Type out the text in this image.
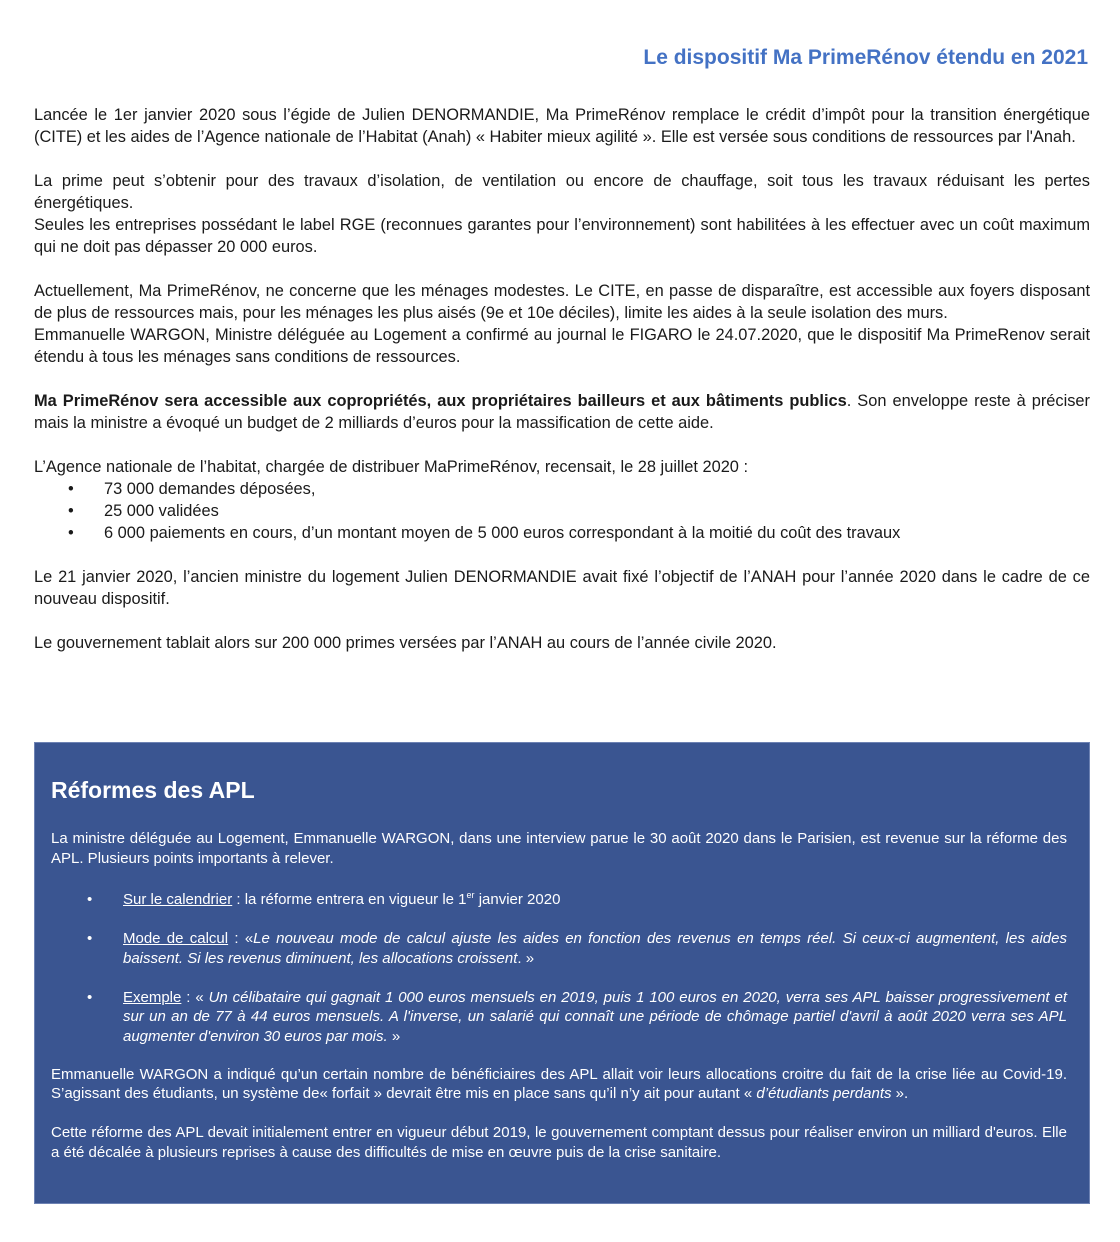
Le dispositif Ma PrimeRénov étendu en 2021

Lancée le 1er janvier 2020 sous l’égide de Julien DENORMANDIE, Ma PrimeRénov remplace le crédit d’impôt pour la transition énergétique (CITE) et les aides de l’Agence nationale de l’Habitat (Anah) « Habiter mieux agilité ». Elle est versée sous conditions de ressources par l'Anah.

La prime peut s’obtenir pour des travaux d’isolation, de ventilation ou encore de chauffage, soit tous les travaux réduisant les pertes énergétiques.

Seules les entreprises possédant le label RGE (reconnues garantes pour l’environnement) sont habilitées à les effectuer avec un coût maximum qui ne doit pas dépasser 20 000 euros.

Actuellement, Ma PrimeRénov, ne concerne que les ménages modestes. Le CITE, en passe de disparaître, est accessible aux foyers disposant de plus de ressources mais, pour les ménages les plus aisés (9e et 10e déciles), limite les aides à la seule isolation des murs.

Emmanuelle WARGON, Ministre déléguée au Logement a confirmé au journal le FIGARO le 24.07.2020, que le dispositif Ma PrimeRenov serait étendu à tous les ménages sans conditions de ressources.

Ma PrimeRénov sera accessible aux copropriétés, aux propriétaires bailleurs et aux bâtiments publics. Son enveloppe reste à préciser mais la ministre a évoqué un budget de 2 milliards d’euros pour la massification de cette aide.

L’Agence nationale de l’habitat, chargée de distribuer MaPrimeRénov, recensait, le 28 juillet 2020 :

• 73 000 demandes déposées,
• 25 000 validées
• 6 000 paiements en cours, d’un montant moyen de 5 000 euros correspondant à la moitié du coût des travaux

Le 21 janvier 2020, l’ancien ministre du logement Julien DENORMANDIE avait fixé l’objectif de l’ANAH pour l’année 2020 dans le cadre de ce nouveau dispositif.

Le gouvernement tablait alors sur 200 000 primes versées par l’ANAH au cours de l’année civile 2020.

Réformes des APL

La ministre déléguée au Logement, Emmanuelle WARGON, dans une interview parue le 30 août 2020 dans le Parisien, est revenue sur la réforme des APL. Plusieurs points importants à relever.

• Sur le calendrier : la réforme entrera en vigueur le 1er janvier 2020
• Mode de calcul : «Le nouveau mode de calcul ajuste les aides en fonction des revenus en temps réel. Si ceux-ci augmentent, les aides baissent. Si les revenus diminuent, les allocations croissent. »
• Exemple : « Un célibataire qui gagnait 1 000 euros mensuels en 2019, puis 1 100 euros en 2020, verra ses APL baisser progressivement et sur un an de 77 à 44 euros mensuels. A l'inverse, un salarié qui connaît une période de chômage partiel d'avril à août 2020 verra ses APL augmenter d'environ 30 euros par mois. »

Emmanuelle WARGON a indiqué qu’un certain nombre de bénéficiaires des APL allait voir leurs allocations croitre du fait de la crise liée au Covid-19. S’agissant des étudiants, un système de« forfait » devrait être mis en place sans qu’il n’y ait pour autant « d’étudiants perdants ».

Cette réforme des APL devait initialement entrer en vigueur début 2019, le gouvernement comptant dessus pour réaliser environ un milliard d'euros. Elle a été décalée à plusieurs reprises à cause des difficultés de mise en œuvre puis de la crise sanitaire.
